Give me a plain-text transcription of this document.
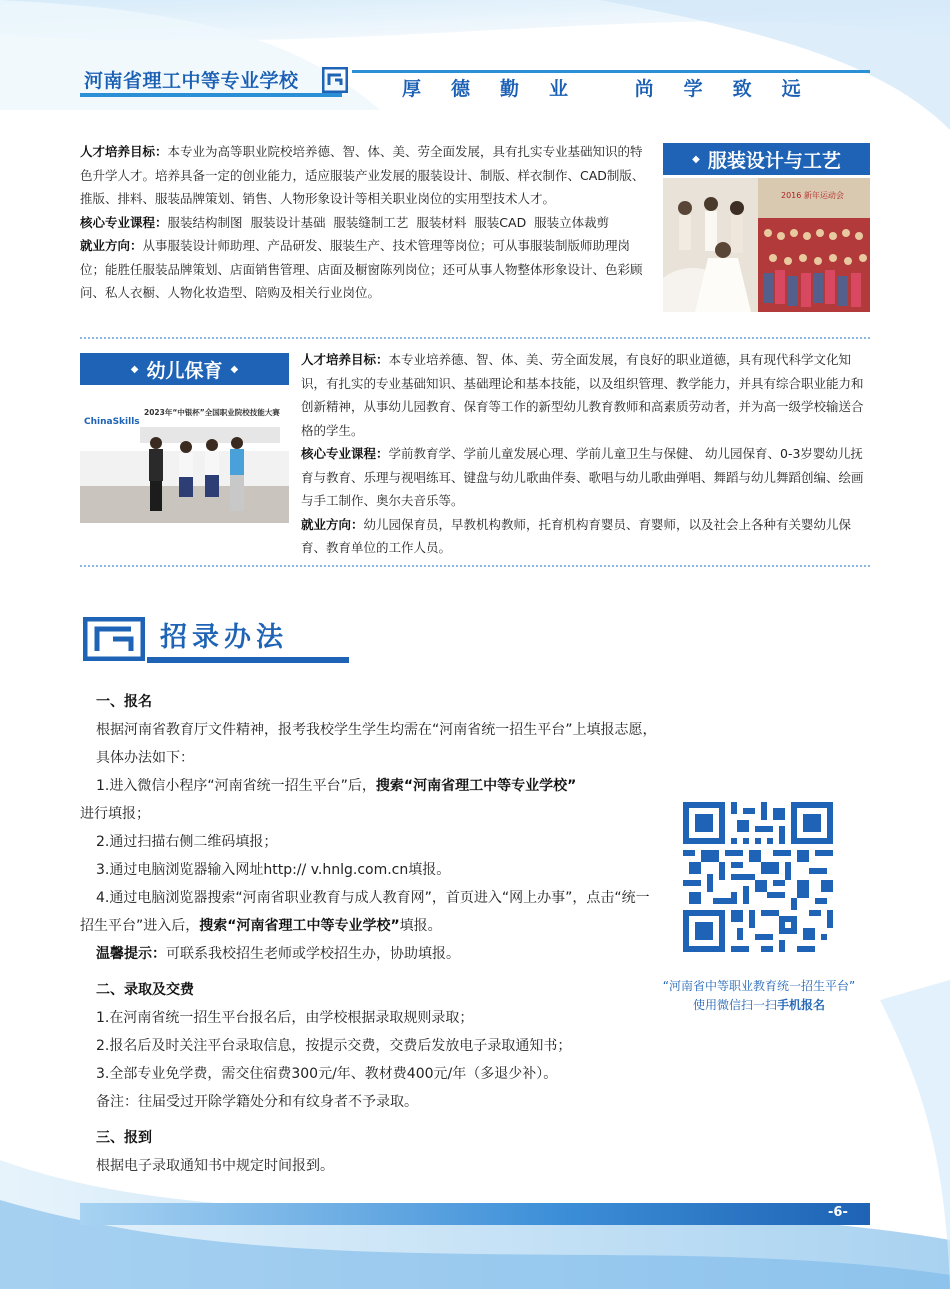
河南省理工中等专业学校	厚德勤业 尚学致远
人才培养目标：本专业为高等职业院校培养德、智、体、美、劳全面发展，具有扎实专业基础知识的特色升学人才。培养具备一定的创业能力，适应服装产业发展的服装设计、制版、样衣制作、CAD制版、推版、排料、服装品牌策划、销售、人物形象设计等相关职业岗位的实用型技术人才。
核心专业课程：服装结构制图  服装设计基础  服装缝制工艺  服装材料  服装CAD  服装立体裁剪
就业方向：从事服装设计师助理、产品研发、服装生产、技术管理等岗位；可从事服装制版师助理岗位；能胜任服装品牌策划、店面销售管理、店面及橱窗陈列岗位；还可从事人物整体形象设计、色彩顾问、私人衣橱、人物化妆造型、陪购及相关行业岗位。
◆ 服装设计与工艺
2016 新年运动会
◆ 幼儿保育 ◆
ChinaSkills
2023年“中银杯”全国职业院校技能大赛
人才培养目标：本专业培养德、智、体、美、劳全面发展，有良好的职业道德，具有现代科学文化知识，有扎实的专业基础知识、基础理论和基本技能，以及组织管理、教学能力，并具有综合职业能力和创新精神，从事幼儿园教育、保育等工作的新型幼儿教育教师和高素质劳动者，并为高一级学校输送合格的学生。
核心专业课程：学前教育学、学前儿童发展心理、学前儿童卫生与保健、 幼儿园保育、0-3岁婴幼儿抚育与教育、乐理与视唱练耳、键盘与幼儿歌曲伴奏、歌唱与幼儿歌曲弹唱、舞蹈与幼儿舞蹈创编、绘画与手工制作、奥尔夫音乐等。
就业方向：幼儿园保育员，早教机构教师，托育机构育婴员、育婴师，以及社会上各种有关婴幼儿保育、教育单位的工作人员。
招录办法
一、报名
根据河南省教育厅文件精神，报考我校学生学生均需在“河南省统一招生平台”上填报志愿，具体办法如下：
1.进入微信小程序“河南省统一招生平台”后，搜索“河南省理工中等专业学校”
进行填报；
2.通过扫描右侧二维码填报；
3.通过电脑浏览器输入网址http:// v.hnlg.com.cn填报。
4.通过电脑浏览器搜索“河南省职业教育与成人教育网”，首页进入“网上办事”，点击“统一招生平台”进入后，搜索“河南省理工中等专业学校”填报。
温馨提示：可联系我校招生老师或学校招生办，协助填报。
二、录取及交费
1.在河南省统一招生平台报名后，由学校根据录取规则录取；
2.报名后及时关注平台录取信息，按提示交费，交费后发放电子录取通知书；
3.全部专业免学费，需交住宿费300元/年、教材费400元/年（多退少补）。
备注：往届受过开除学籍处分和有纹身者不予录取。
三、报到
根据电子录取通知书中规定时间报到。
“河南省中等职业教育统一招生平台”
使用微信扫一扫手机报名
-6-
